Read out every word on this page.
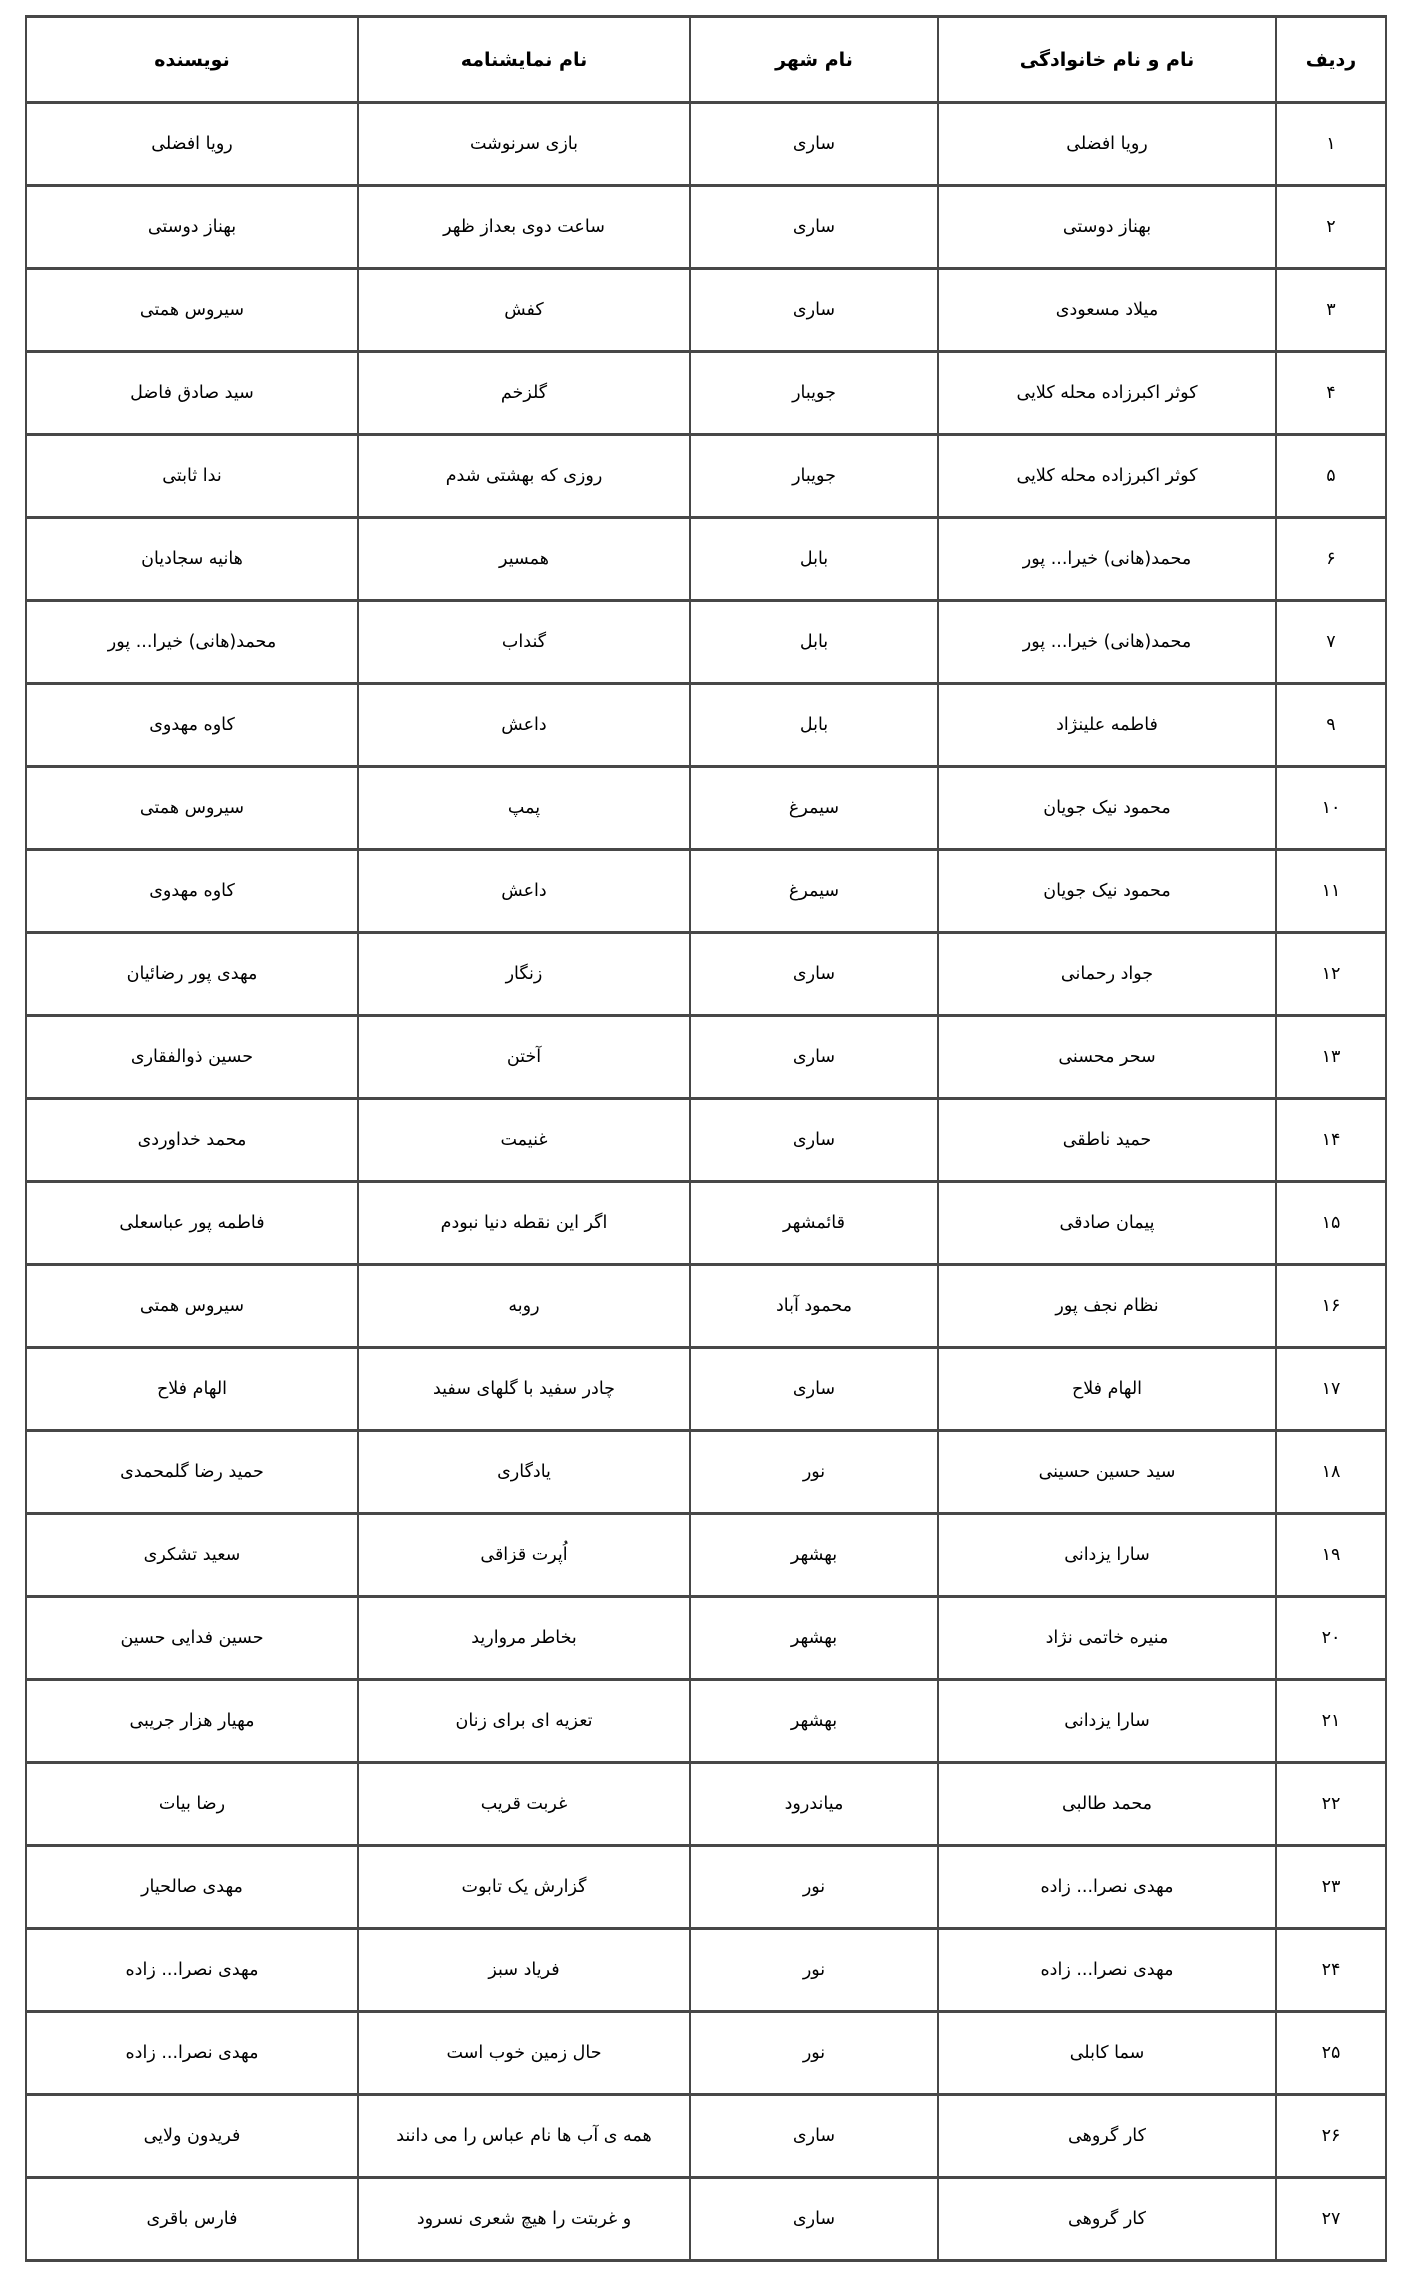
ردیف	نام و نام خانوادگی	نام شهر	نام نمایشنامه	نویسنده
۱	رویا افضلی	ساری	بازی سرنوشت	رویا افضلی
۲	بهناز دوستی	ساری	ساعت دوی بعداز ظهر	بهناز دوستی
۳	میلاد مسعودی	ساری	کفش	سیروس همتی
۴	کوثر اکبرزاده محله کلایی	جویبار	گلزخم	سید صادق فاضل
۵	کوثر اکبرزاده محله کلایی	جویبار	روزی که بهشتی شدم	ندا ثابتی
۶	محمد(هانی) خیرا... پور	بابل	همسیر	هانیه سجادیان
۷	محمد(هانی) خیرا... پور	بابل	گنداب	محمد(هانی) خیرا... پور
۹	فاطمه علینژاد	بابل	داعش	کاوه مهدوی
۱۰	محمود نیک جویان	سیمرغ	پمپ	سیروس همتی
۱۱	محمود نیک جویان	سیمرغ	داعش	کاوه مهدوی
۱۲	جواد رحمانی	ساری	زنگار	مهدی پور رضائیان
۱۳	سحر محسنی	ساری	آختن	حسین ذوالفقاری
۱۴	حمید ناطقی	ساری	غنیمت	محمد خداوردی
۱۵	پیمان صادقی	قائمشهر	اگر این نقطه دنیا نبودم	فاطمه پور عباسعلی
۱۶	نظام نجف پور	محمود آباد	روبه	سیروس همتی
۱۷	الهام فلاح	ساری	چادر سفید با گلهای سفید	الهام فلاح
۱۸	سید حسین حسینی	نور	یادگاری	حمید رضا گلمحمدی
۱۹	سارا یزدانی	بهشهر	اُپرت قزاقی	سعید تشکری
۲۰	منیره خاتمی نژاد	بهشهر	بخاطر مروارید	حسین فدایی حسین
۲۱	سارا یزدانی	بهشهر	تعزیه ای برای زنان	مهیار هزار جریبی
۲۲	محمد طالبی	میاندرود	غربت قریب	رضا بیات
۲۳	مهدی نصرا... زاده	نور	گزارش یک تابوت	مهدی صالحیار
۲۴	مهدی نصرا... زاده	نور	فریاد سبز	مهدی نصرا... زاده
۲۵	سما کابلی	نور	حال زمین خوب است	مهدی نصرا... زاده
۲۶	کار گروهی	ساری	همه ی آب ها نام عباس را می دانند	فریدون ولایی
۲۷	کار گروهی	ساری	و غربتت را هیچ شعری نسرود	فارس باقری
